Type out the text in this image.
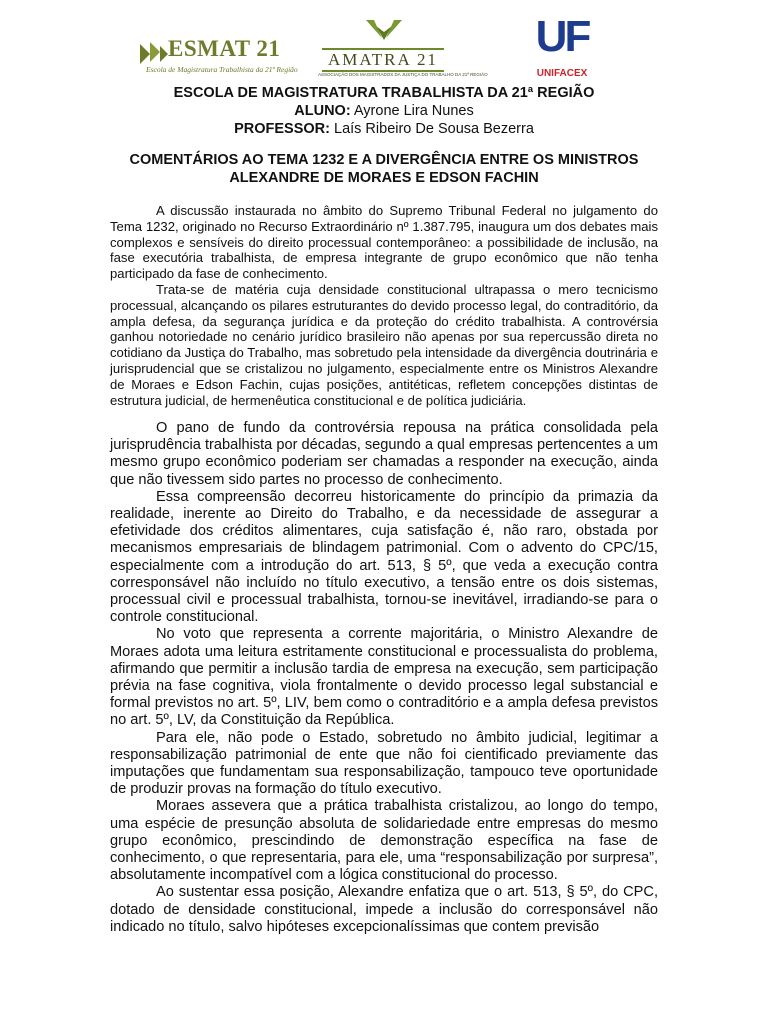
ESMAT 21
Escola de Magistratura Trabalhista da 21ª Região
AMATRA 21
ASSOCIAÇÃO DOS MAGISTRADOS DA JUSTIÇA DO TRABALHO DA 21ª REGIÃO
UF
UNIFACEX
ESCOLA DE MAGISTRATURA TRABALHISTA DA 21ª REGIÃO
ALUNO: Ayrone Lira Nunes
PROFESSOR: Laís Ribeiro De Sousa Bezerra
COMENTÁRIOS AO TEMA 1232 E A DIVERGÊNCIA ENTRE OS MINISTROS
ALEXANDRE DE MORAES E EDSON FACHIN

A discussão instaurada no âmbito do Supremo Tribunal Federal no julgamento do Tema 1232, originado no Recurso Extraordinário nº 1.387.795, inaugura um dos debates mais complexos e sensíveis do direito processual contemporâneo: a possibilidade de inclusão, na fase executória trabalhista, de empresa integrante de grupo econômico que não tenha participado da fase de conhecimento.

Trata-se de matéria cuja densidade constitucional ultrapassa o mero tecnicismo processual, alcançando os pilares estruturantes do devido processo legal, do contraditório, da ampla defesa, da segurança jurídica e da proteção do crédito trabalhista. A controvérsia ganhou notoriedade no cenário jurídico brasileiro não apenas por sua repercussão direta no cotidiano da Justiça do Trabalho, mas sobretudo pela intensidade da divergência doutrinária e jurisprudencial que se cristalizou no julgamento, especialmente entre os Ministros Alexandre de Moraes e Edson Fachin, cujas posições, antitéticas, refletem concepções distintas de estrutura judicial, de hermenêutica constitucional e de política judiciária.

O pano de fundo da controvérsia repousa na prática consolidada pela jurisprudência trabalhista por décadas, segundo a qual empresas pertencentes a um mesmo grupo econômico poderiam ser chamadas a responder na execução, ainda que não tivessem sido partes no processo de conhecimento.

Essa compreensão decorreu historicamente do princípio da primazia da realidade, inerente ao Direito do Trabalho, e da necessidade de assegurar a efetividade dos créditos alimentares, cuja satisfação é, não raro, obstada por mecanismos empresariais de blindagem patrimonial. Com o advento do CPC/15, especialmente com a introdução do art. 513, § 5º, que veda a execução contra corresponsável não incluído no título executivo, a tensão entre os dois sistemas, processual civil e processual trabalhista, tornou-se inevitável, irradiando-se para o controle constitucional.

No voto que representa a corrente majoritária, o Ministro Alexandre de Moraes adota uma leitura estritamente constitucional e processualista do problema, afirmando que permitir a inclusão tardia de empresa na execução, sem participação prévia na fase cognitiva, viola frontalmente o devido processo legal substancial e formal previstos no art. 5º, LIV, bem como o contraditório e a ampla defesa previstos no art. 5º, LV, da Constituição da República.

Para ele, não pode o Estado, sobretudo no âmbito judicial, legitimar a responsabilização patrimonial de ente que não foi cientificado previamente das imputações que fundamentam sua responsabilização, tampouco teve oportunidade de produzir provas na formação do título executivo.

Moraes assevera que a prática trabalhista cristalizou, ao longo do tempo, uma espécie de presunção absoluta de solidariedade entre empresas do mesmo grupo econômico, prescindindo de demonstração específica na fase de conhecimento, o que representaria, para ele, uma “responsabilização por surpresa”, absolutamente incompatível com a lógica constitucional do processo.

Ao sustentar essa posição, Alexandre enfatiza que o art. 513, § 5º, do CPC, dotado de densidade constitucional, impede a inclusão do corresponsável não indicado no título, salvo hipóteses excepcionalíssimas que contem previsão
